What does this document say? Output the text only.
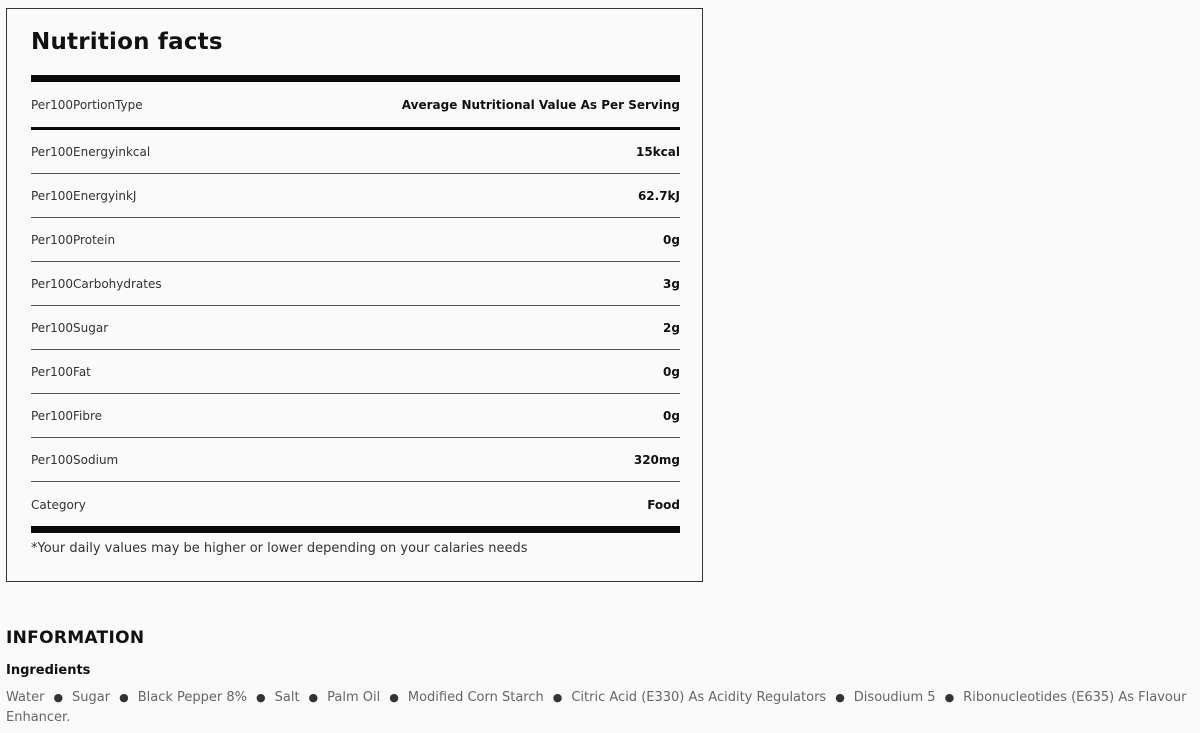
Nutrition facts
Per100PortionType	Average Nutritional Value As Per Serving
Per100Energyinkcal	15kcal
Per100EnergyinkJ	62.7kJ
Per100Protein	0g
Per100Carbohydrates	3g
Per100Sugar	2g
Per100Fat	0g
Per100Fibre	0g
Per100Sodium	320mg
Category	Food
*Your daily values may be higher or lower depending on your calaries needs
INFORMATION
Ingredients
Water ● Sugar ● Black Pepper 8% ● Salt ● Palm Oil ● Modified Corn Starch ● Citric Acid (E330) As Acidity Regulators ● Disoudium 5 ● Ribonucleotides (E635) As Flavour Enhancer.
